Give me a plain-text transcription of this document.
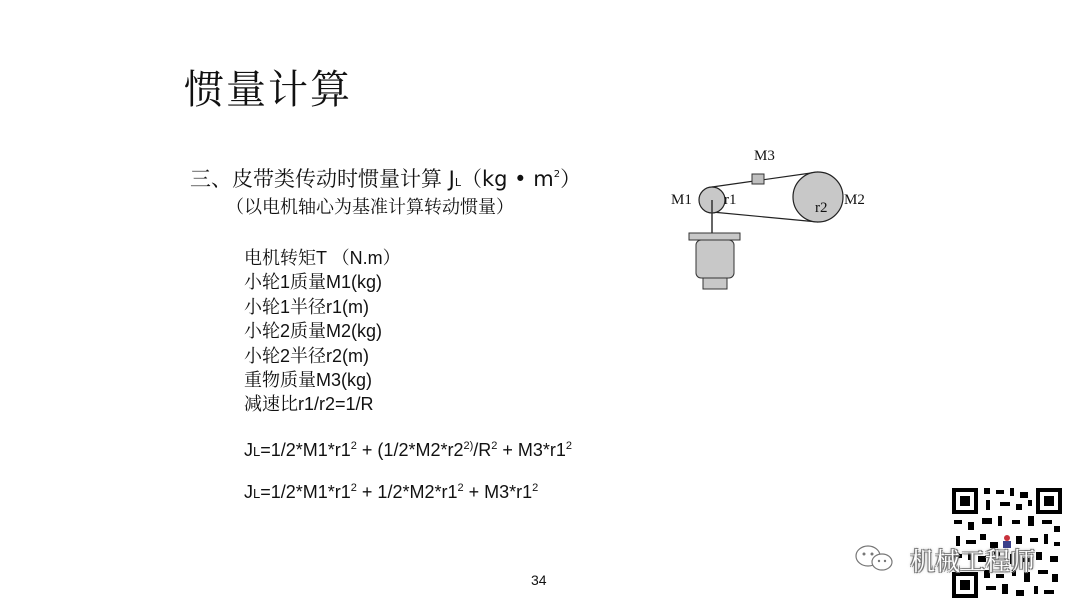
惯量计算
三、皮带类传动时惯量计算 JL（kg • $m^2$）
（以电机轴心为基准计算转动惯量）
电机转矩T （N.m）
小轮1质量M1(kg)
小轮1半径r1(m)
小轮2质量M2(kg)
小轮2半径r2(m)
重物质量M3(kg)
减速比r1/r2=1/R
$JL=1/2*M1*r1^2 + (1/2*M2*r2^{2)}/R^2 + M3*r1^2$
$JL=1/2*M1*r1^2 + 1/2*M2*r1^2 + M3*r1^2$
M3
M1 r1	r2 M2
机械工程师
34
